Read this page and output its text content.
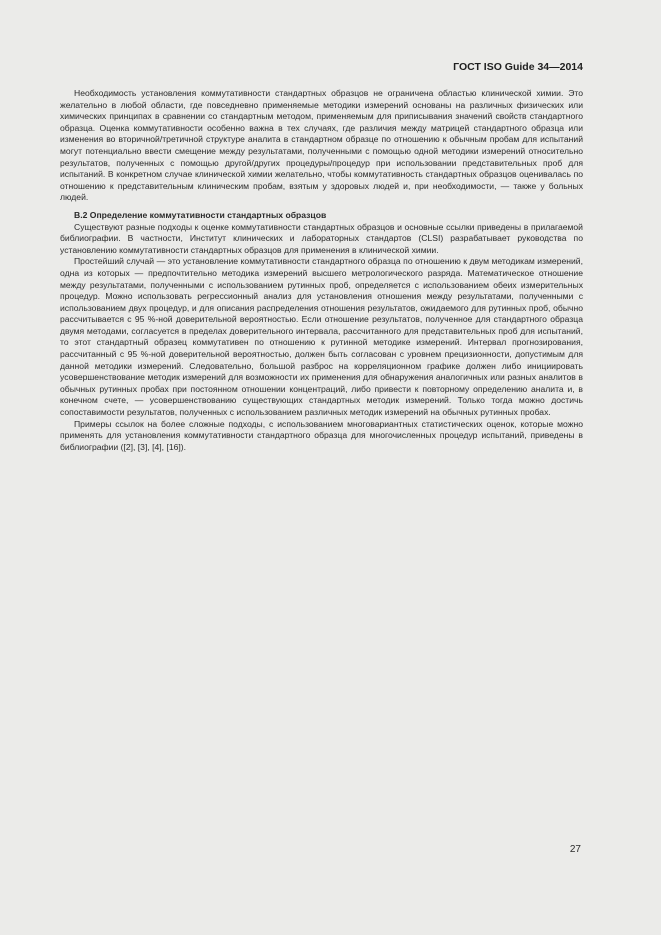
ГОСТ ISO Guide 34—2014

Необходимость установления коммутативности стандартных образцов не ограничена областью клинической химии. Это желательно в любой области, где повседневно применяемые методики измерений основаны на различных физических или химических принципах в сравнении со стандартным методом, применяемым для приписывания значений свойств стандартного образца. Оценка коммутативности особенно важна в тех случаях, где различия между матрицей стандартного образца или изменения во вторичной/третичной структуре аналита в стандартном образце по отношению к обычным пробам для испытаний могут потенциально ввести смещение между результатами, полученными с помощью одной методики измерений относительно результатов, полученных с помощью другой/других процедуры/процедур при использовании представительных проб для испытаний. В конкретном случае клинической химии желательно, чтобы коммутативность стандартных образцов оценивалась по отношению к представительным клиническим пробам, взятым у здоровых людей и, при необходимости, — также у больных людей.

В.2 Определение коммутативности стандартных образцов

Существуют разные подходы к оценке коммутативности стандартных образцов и основные ссылки приведены в прилагаемой библиографии. В частности, Институт клинических и лабораторных стандартов (CLSI) разрабатывает руководства по установлению коммутативности стандартных образцов для применения в клинической химии.

Простейший случай — это установление коммутативности стандартного образца по отношению к двум методикам измерений, одна из которых — предпочтительно методика измерений высшего метрологического разряда. Математическое отношение между результатами, полученными с использованием рутинных проб, определяется с использованием обеих измерительных процедур. Можно использовать регрессионный анализ для установления отношения между результатами, полученными с использованием двух процедур, и для описания распределения отношения результатов, ожидаемого для рутинных проб, обычно рассчитывается с 95 %-ной доверительной вероятностью. Если отношение результатов, полученное для стандартного образца двумя методами, согласуется в пределах доверительного интервала, рассчитанного для представительных проб для испытаний, то этот стандартный образец коммутативен по отношению к рутинной методике измерений. Интервал прогнозирования, рассчитанный с 95 %-ной доверительной вероятностью, должен быть согласован с уровнем прецизионности, допустимым для данной методики измерений. Следовательно, большой разброс на корреляционном графике должен либо инициировать усовершенствование методик измерений для возможности их применения для обнаружения аналогичных или разных аналитов в обычных рутинных пробах при постоянном отношении концентраций, либо привести к повторному определению аналита и, в конечном счете, — усовершенствованию существующих стандартных методик измерений. Только тогда можно достичь сопоставимости результатов, полученных с использованием различных методик измерений на обычных рутинных пробах.

Примеры ссылок на более сложные подходы, с использованием многовариантных статистических оценок, которые можно применять для установления коммутативности стандартного образца для многочисленных процедур испытаний, приведены в библиографии ([2], [3], [4], [16]).

27
